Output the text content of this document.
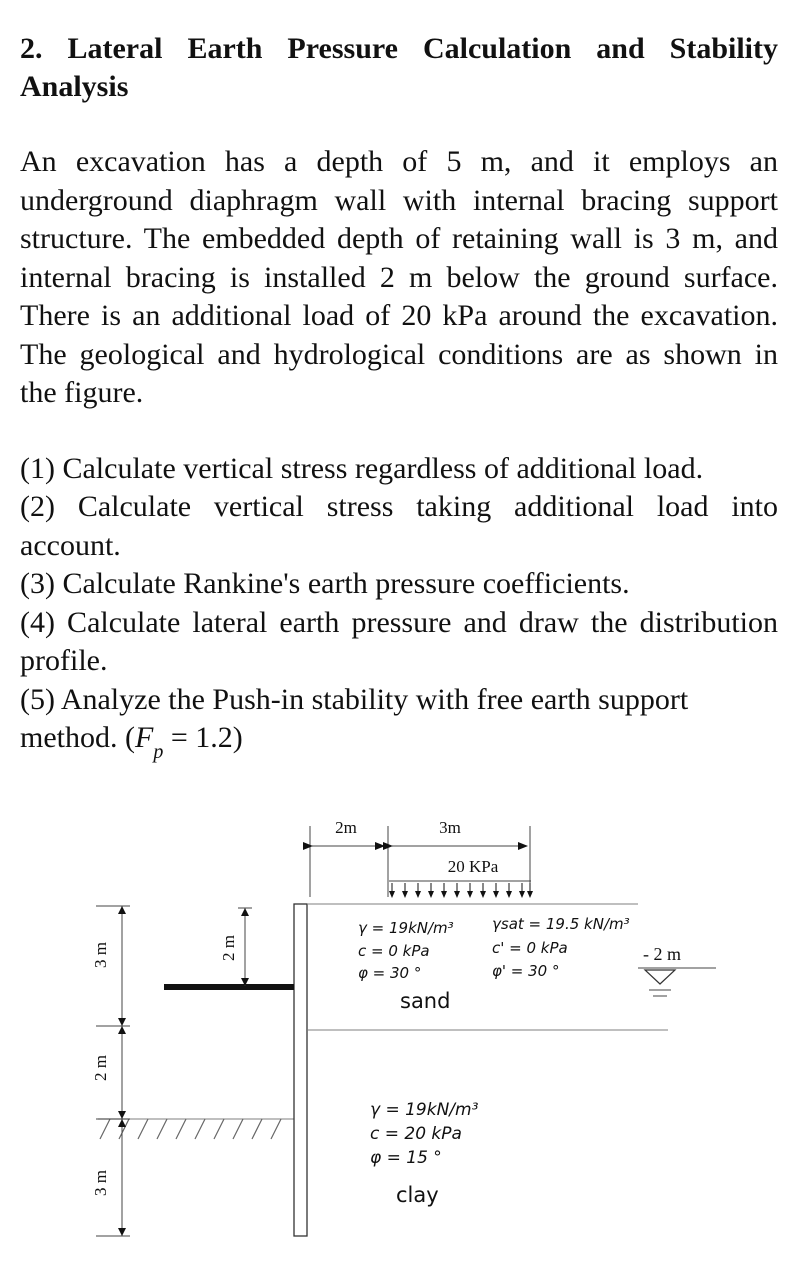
2. Lateral Earth Pressure Calculation and Stability Analysis

An excavation has a depth of 5 m, and it employs an underground diaphragm wall with internal bracing support structure. The embedded depth of retaining wall is 3 m, and internal bracing is installed 2 m below the ground surface. There is an additional load of 20 kPa around the excavation. The geological and hydrological conditions are as shown in the figure.

(1) Calculate vertical stress regardless of additional load.

(2) Calculate vertical stress taking additional load into account.

(3) Calculate Rankine's earth pressure coefficients.

(4) Calculate lateral earth pressure and draw the distribution profile.

(5) Analyze the Push-in stability with free earth support method. $(F_p = 1.2)$

3 m
2 m
3 m
2 m
2m	3m
20 KPa
γ = 19kN/m³
c = 0 kPa
φ = 30 °
γsat = 19.5 kN/m³
c' = 0 kPa
φ' = 30 °
sand
- 2 m
γ = 19kN/m³
c = 20 kPa
φ = 15 °
clay
